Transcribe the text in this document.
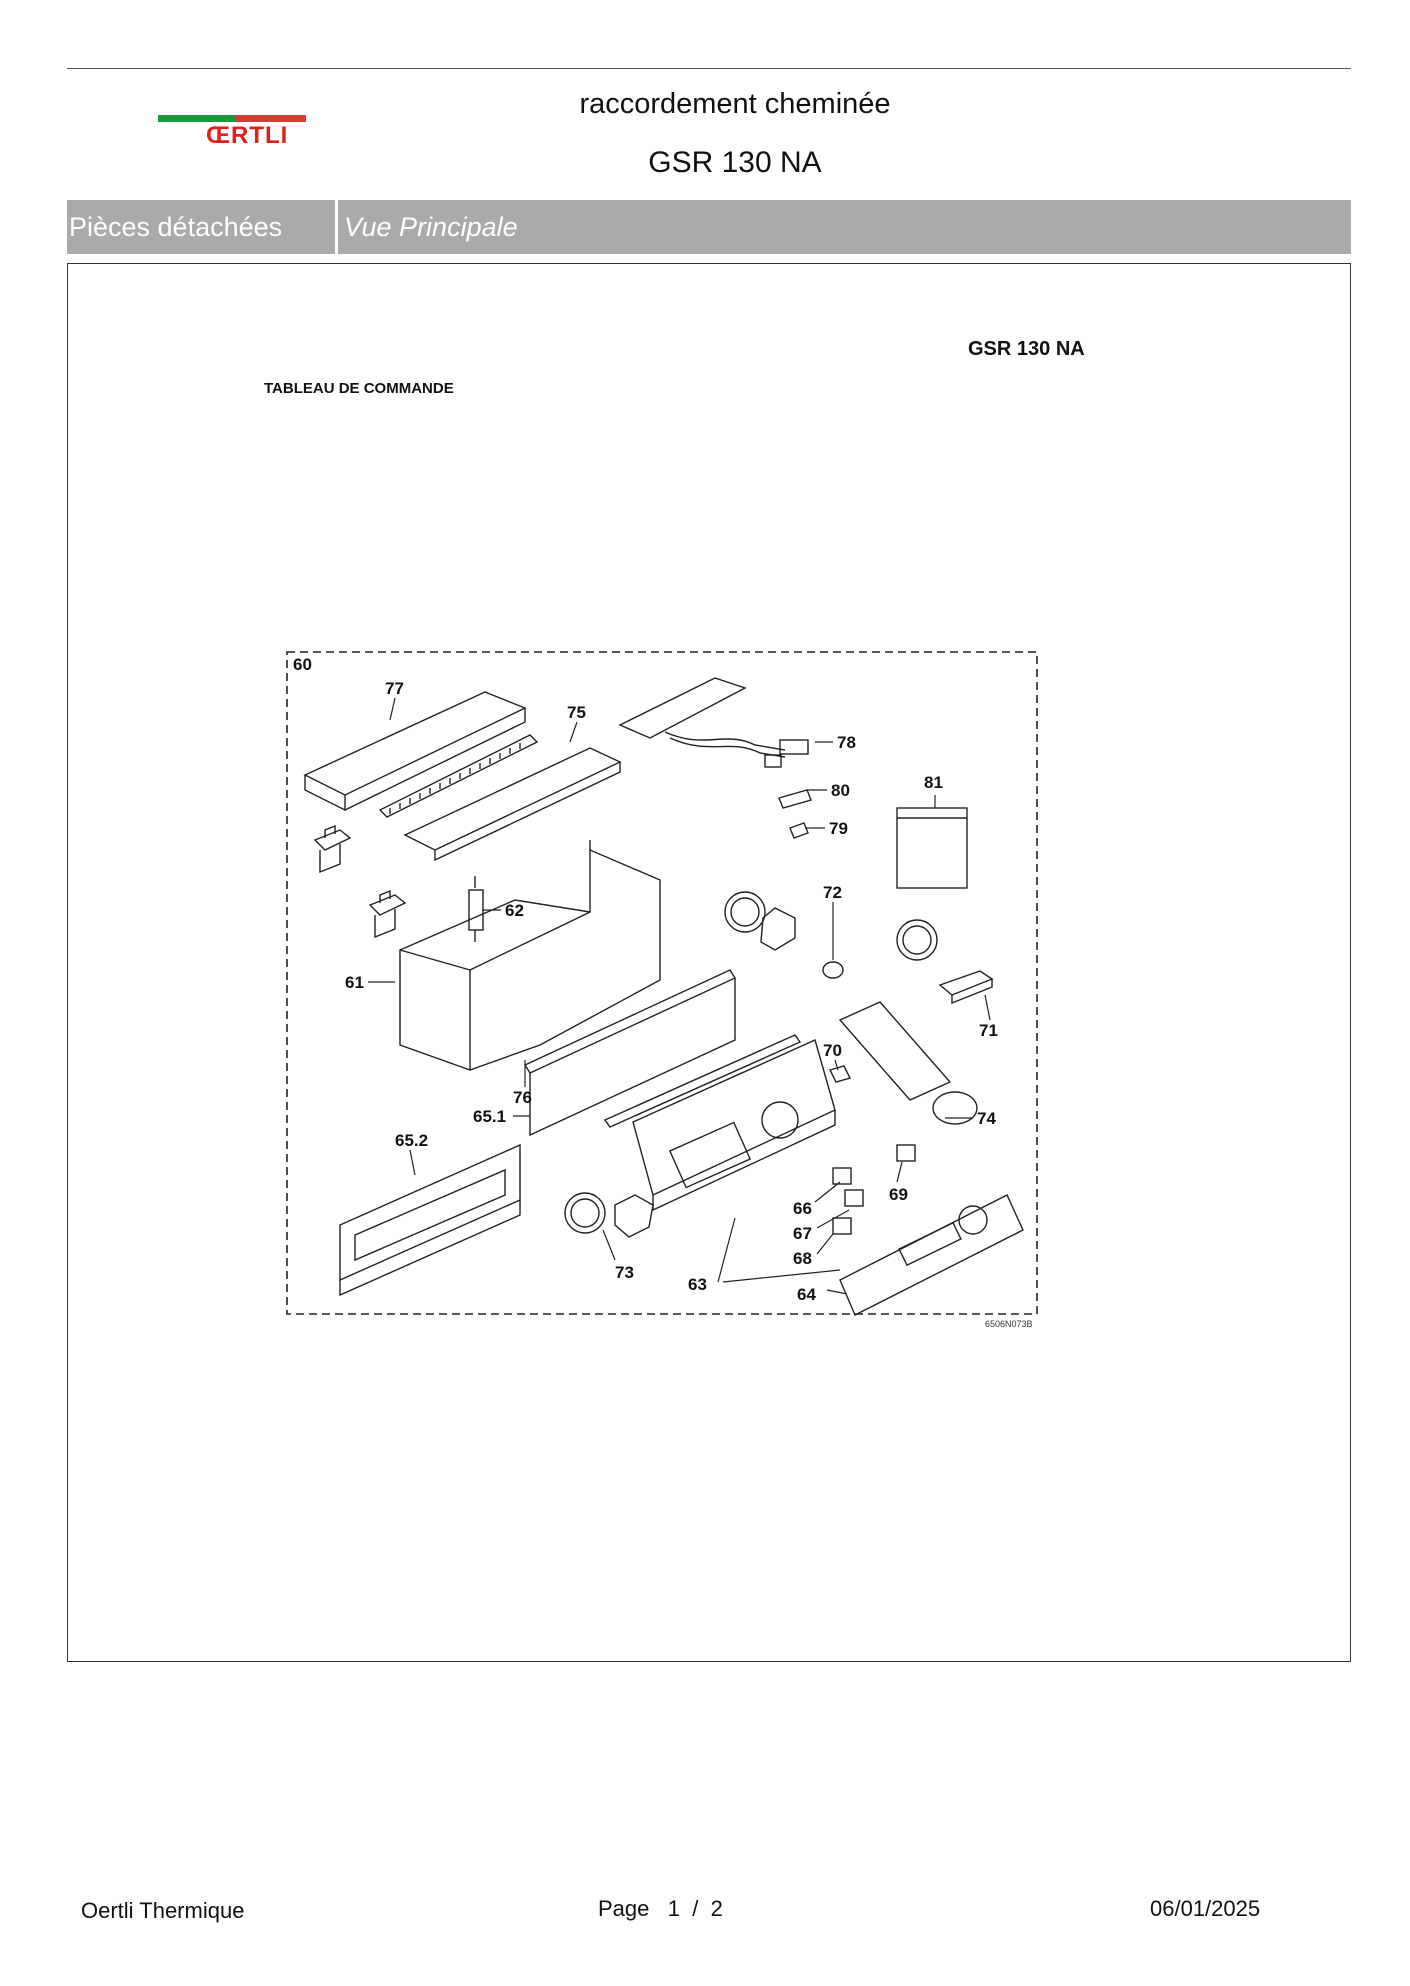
ŒRTLI
raccordement cheminée
GSR 130 NA
Pièces détachées	Vue Principale
GSR 130 NA
TABLEAU DE COMMANDE
60
77
75
78
80
79
81
62
72
61
71
70
76
65.1	74
65.2
69
66
67
68
73
63
64
6506N073B
Oertli Thermique	Page 1 / 2	06/01/2025
